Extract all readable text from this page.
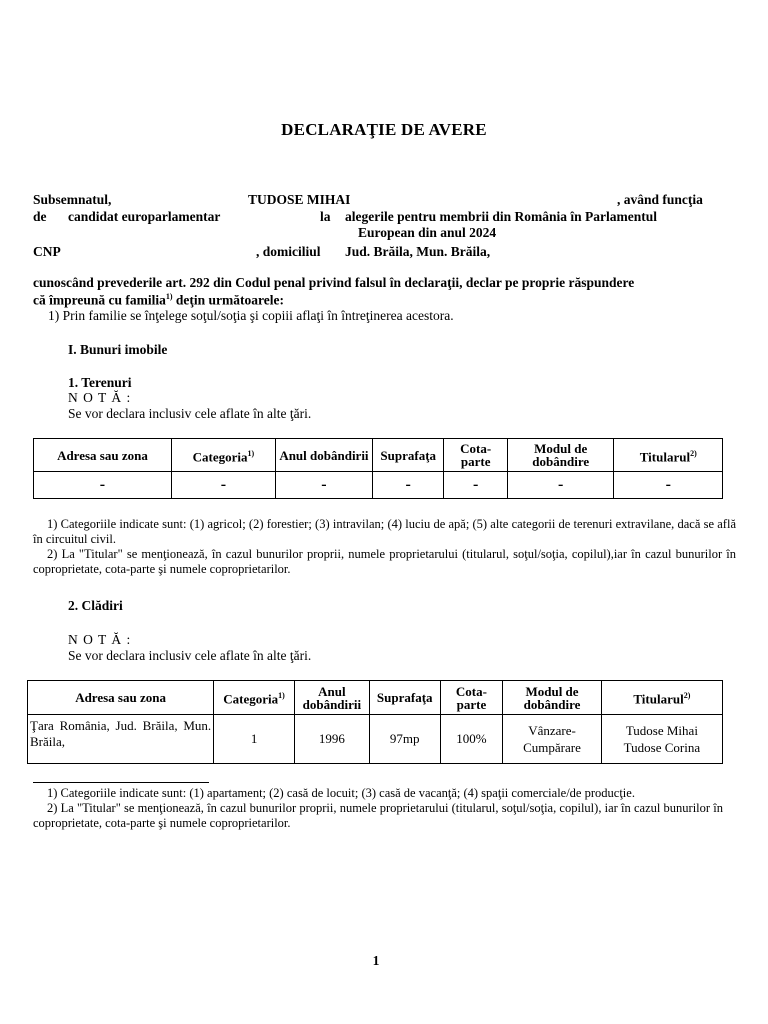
DECLARAŢIE DE AVERE
Subsemnatul,	TUDOSE MIHAI	, având funcţia
de candidat europarlamentar	la alegerile pentru membrii din România în Parlamentul
European din anul 2024
CNP	, domiciliul Jud. Brăila, Mun. Brăila,
cunoscând prevederile art. 292 din Codul penal privind falsul în declaraţii, declar pe proprie răspundere
că împreună cu familia$^{1)}$ deţin următoarele:
1) Prin familie se înţelege soţul/soţia şi copiii aflaţi în întreţinerea acestora.
I. Bunuri imobile
1. Terenuri
N O T Ă :
Se vor declara inclusiv cele aflate în alte ţări.
Adresa sau zona	Categoria$^{1)}$	Anul dobândirii	Suprafaţa	Cota-parte	Modul de dobândire	Titularul$^{2)}$
-	-	-	-	-	-	-

1) Categoriile indicate sunt: (1) agricol; (2) forestier; (3) intravilan; (4) luciu de apă; (5) alte categorii de terenuri extravilane, dacă se află în circuitul civil.

2) La "Titular" se menţionează, în cazul bunurilor proprii, numele proprietarului (titularul, soţul/soţia, copilul),iar în cazul bunurilor în coproprietate, cota-parte şi numele coproprietarilor.

2. Clădiri
N O T Ă :
Se vor declara inclusiv cele aflate în alte ţări.
Adresa sau zona	Categoria$^{1)}$	Anul dobândirii	Suprafaţa	Cota-parte	Modul de dobândire	Titularul$^{2)}$
Ţara România, Jud. Brăila, Mun. Brăila,	1	1996	97mp	100%	Vânzare-Cumpărare	Tudose Mihai
Tudose Corina

1) Categoriile indicate sunt: (1) apartament; (2) casă de locuit; (3) casă de vacanţă; (4) spaţii comerciale/de producţie.

2) La "Titular" se menţionează, în cazul bunurilor proprii, numele proprietarului (titularul, soţul/soţia, copilul), iar în cazul bunurilor în coproprietate, cota-parte şi numele coproprietarilor.

1
